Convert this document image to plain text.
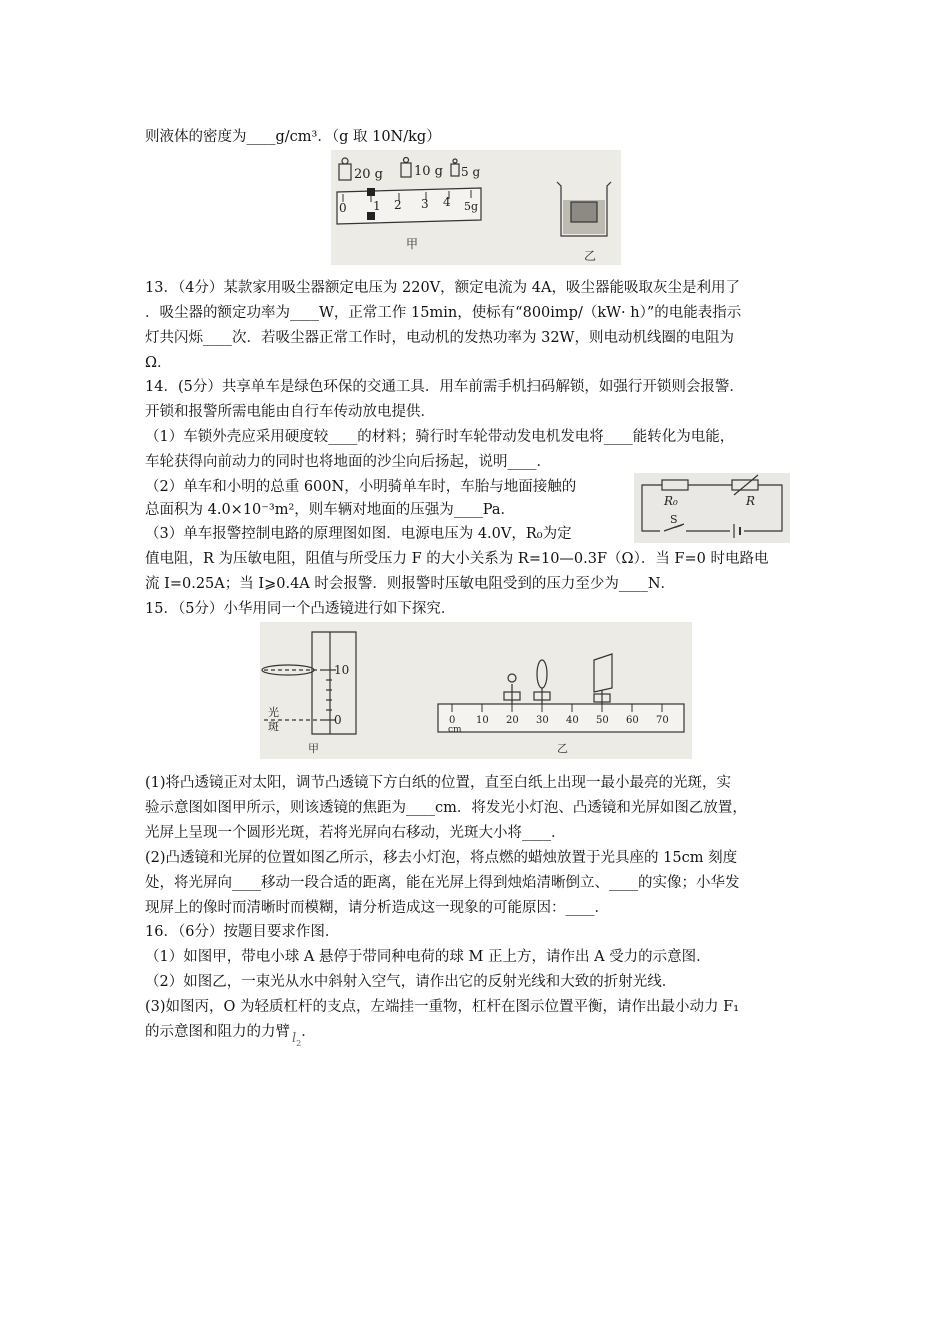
则液体的密度为____g/cm³．（g 取 10N/kg）
20 g 10 g 5 g
0 1 2 3 4 5g
甲
乙
13．（4分）某款家用吸尘器额定电压为 220V，额定电流为 4A，吸尘器能吸取灰尘是利用了
．吸尘器的额定功率为____W，正常工作 15min，使标有“800imp/（kW· h）”的电能表指示
灯共闪烁____次．若吸尘器正常工作时，电动机的发热功率为 32W，则电动机线圈的电阻为
Ω．
14．(5分）共享单车是绿色环保的交通工具．用车前需手机扫码解锁，如强行开锁则会报警．
开锁和报警所需电能由自行车传动放电提供．
（1）车锁外壳应采用硬度较____的材料；骑行时车轮带动发电机发电将____能转化为电能，
车轮获得向前动力的同时也将地面的沙尘向后扬起，说明____．
（2）单车和小明的总重 600N，小明骑单车时，车胎与地面接触的
总面积为 4.0×10⁻³m²，则车辆对地面的压强为____Pa．
（3）单车报警控制电路的原理图如图．电源电压为 4.0V，R₀为定
R₀	R
S
值电阻，R 为压敏电阻，阻值与所受压力 F 的大小关系为 R=10—0.3F（Ω）．当 F=0 时电路电
流 I=0.25A；当 I⩾0.4A 时会报警．则报警时压敏电阻受到的压力至少为____N．
15．（5分）小华用同一个凸透镜进行如下探究．
10
0
光
斑
甲
0 10 20 30 40 50 60 70
cm
乙
(1)将凸透镜正对太阳，调节凸透镜下方白纸的位置，直至白纸上出现一最小最亮的光斑，实
验示意图如图甲所示，则该透镜的焦距为____cm．将发光小灯泡、凸透镜和光屏如图乙放置，
光屏上呈现一个圆形光斑，若将光屏向右移动，光斑大小将____．
(2)凸透镜和光屏的位置如图乙所示，移去小灯泡，将点燃的蜡烛放置于光具座的 15cm 刻度
处，将光屏向____移动一段合适的距离，能在光屏上得到烛焰清晰倒立、____的实像；小华发
现屏上的像时而清晰时而模糊，请分析造成这一现象的可能原因：____．
16．（6分）按题目要求作图．
（1）如图甲，带电小球 A 悬停于带同种电荷的球 M 正上方，请作出 A 受力的示意图．
（2）如图乙，一束光从水中斜射入空气，请作出它的反射光线和大致的折射光线．
(3)如图丙，O 为轻质杠杆的支点，左端挂一重物，杠杆在图示位置平衡，请作出最小动力 F₁
的示意图和阻力的力臂 $l_2$．
